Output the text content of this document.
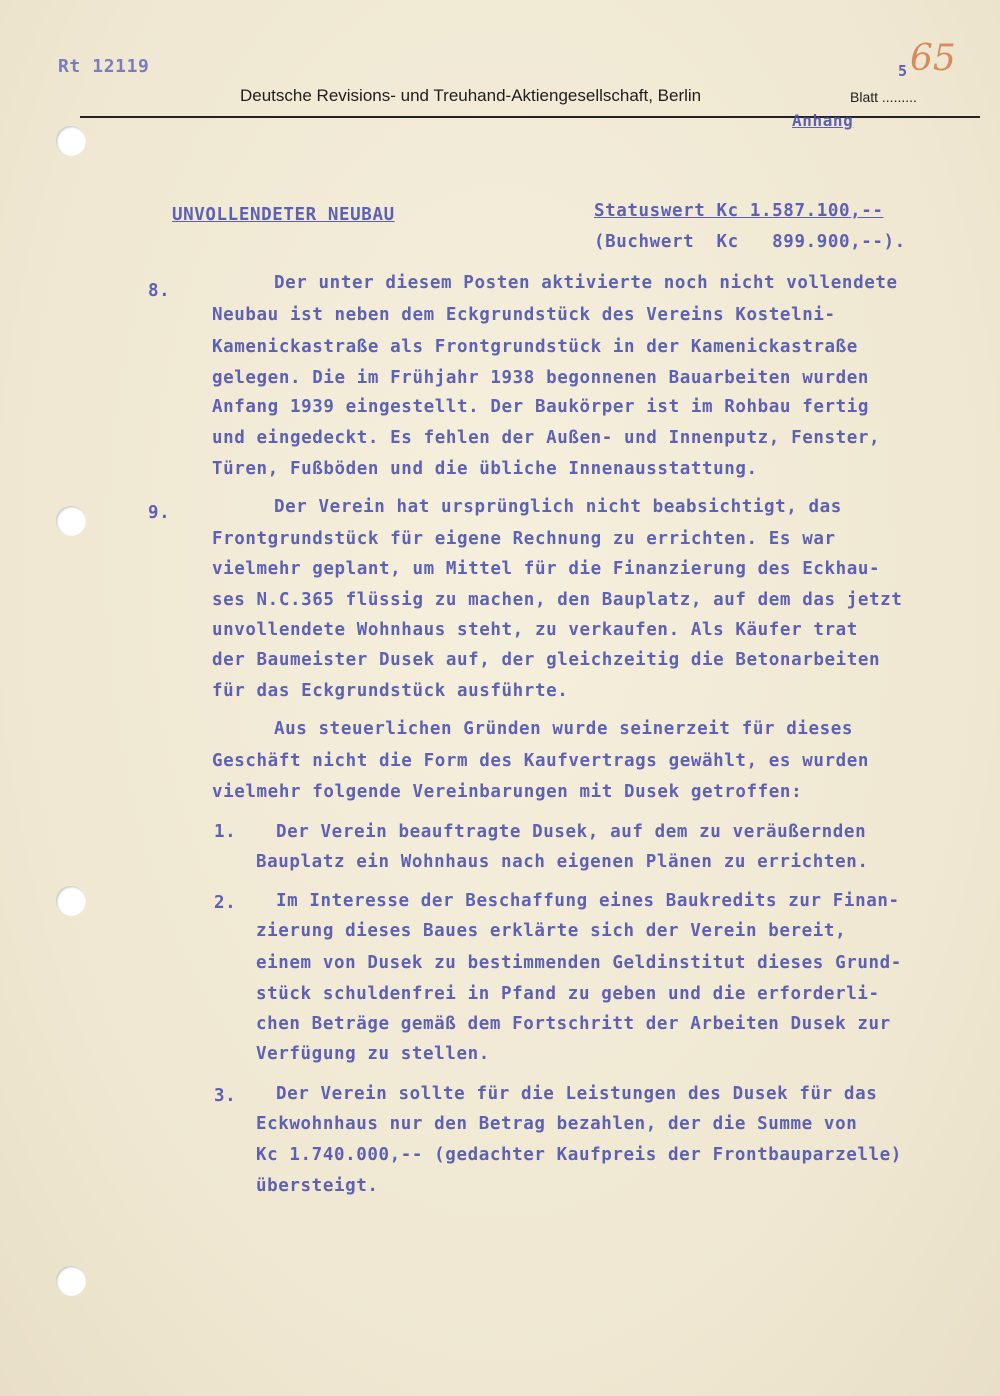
Rt 12119
Deutsche Revisions- und Treuhand-Aktiengesellschaft, Berlin	Blatt .........
5 65
Anhang
UNVOLLENDETER NEUBAU	Statuswert Kc 1.587.100,--
(Buchwert  Kc   899.900,--).
8.	Der unter diesem Posten aktivierte noch nicht vollendete
Neubau ist neben dem Eckgrundstück des Vereins Kostelni-
Kamenickastraße als Frontgrundstück in der Kamenickastraße
gelegen. Die im Frühjahr 1938 begonnenen Bauarbeiten wurden
Anfang 1939 eingestellt. Der Baukörper ist im Rohbau fertig
und eingedeckt. Es fehlen der Außen- und Innenputz, Fenster,
Türen, Fußböden und die übliche Innenausstattung.
9.	Der Verein hat ursprünglich nicht beabsichtigt, das
Frontgrundstück für eigene Rechnung zu errichten. Es war
vielmehr geplant, um Mittel für die Finanzierung des Eckhau-
ses N.C.365 flüssig zu machen, den Bauplatz, auf dem das jetzt
unvollendete Wohnhaus steht, zu verkaufen. Als Käufer trat
der Baumeister Dusek auf, der gleichzeitig die Betonarbeiten
für das Eckgrundstück ausführte.
Aus steuerlichen Gründen wurde seinerzeit für dieses
Geschäft nicht die Form des Kaufvertrags gewählt, es wurden
vielmehr folgende Vereinbarungen mit Dusek getroffen:
1. Der Verein beauftragte Dusek, auf dem zu veräußernden
Bauplatz ein Wohnhaus nach eigenen Plänen zu errichten.
2. Im Interesse der Beschaffung eines Baukredits zur Finan-
zierung dieses Baues erklärte sich der Verein bereit,
einem von Dusek zu bestimmenden Geldinstitut dieses Grund-
stück schuldenfrei in Pfand zu geben und die erforderli-
chen Beträge gemäß dem Fortschritt der Arbeiten Dusek zur
Verfügung zu stellen.
3. Der Verein sollte für die Leistungen des Dusek für das
Eckwohnhaus nur den Betrag bezahlen, der die Summe von
Kc 1.740.000,-- (gedachter Kaufpreis der Frontbauparzelle)
übersteigt.
